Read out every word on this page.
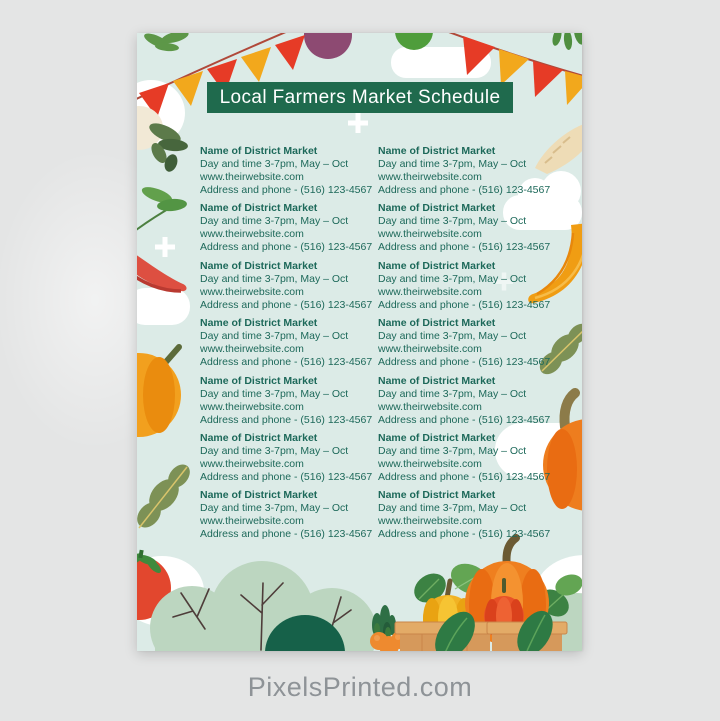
Local Farmers Market Schedule
Name of District Market
Day and time 3-7pm, May – Oct
www.theirwebsite.com
Address and phone - (516) 123-4567
Name of District Market
Day and time 3-7pm, May – Oct
www.theirwebsite.com
Address and phone - (516) 123-4567
Name of District Market
Day and time 3-7pm, May – Oct
www.theirwebsite.com
Address and phone - (516) 123-4567
Name of District Market
Day and time 3-7pm, May – Oct
www.theirwebsite.com
Address and phone - (516) 123-4567
Name of District Market
Day and time 3-7pm, May – Oct
www.theirwebsite.com
Address and phone - (516) 123-4567
Name of District Market
Day and time 3-7pm, May – Oct
www.theirwebsite.com
Address and phone - (516) 123-4567
Name of District Market
Day and time 3-7pm, May – Oct
www.theirwebsite.com
Address and phone - (516) 123-4567
Name of District Market
Day and time 3-7pm, May – Oct
www.theirwebsite.com
Address and phone - (516) 123-4567
Name of District Market
Day and time 3-7pm, May – Oct
www.theirwebsite.com
Address and phone - (516) 123-4567
Name of District Market
Day and time 3-7pm, May – Oct
www.theirwebsite.com
Address and phone - (516) 123-4567
Name of District Market
Day and time 3-7pm, May – Oct
www.theirwebsite.com
Address and phone - (516) 123-4567
Name of District Market
Day and time 3-7pm, May – Oct
www.theirwebsite.com
Address and phone - (516) 123-4567
Name of District Market
Day and time 3-7pm, May – Oct
www.theirwebsite.com
Address and phone - (516) 123-4567
Name of District Market
Day and time 3-7pm, May – Oct
www.theirwebsite.com
Address and phone - (516) 123-4567
PixelsPrinted.com
